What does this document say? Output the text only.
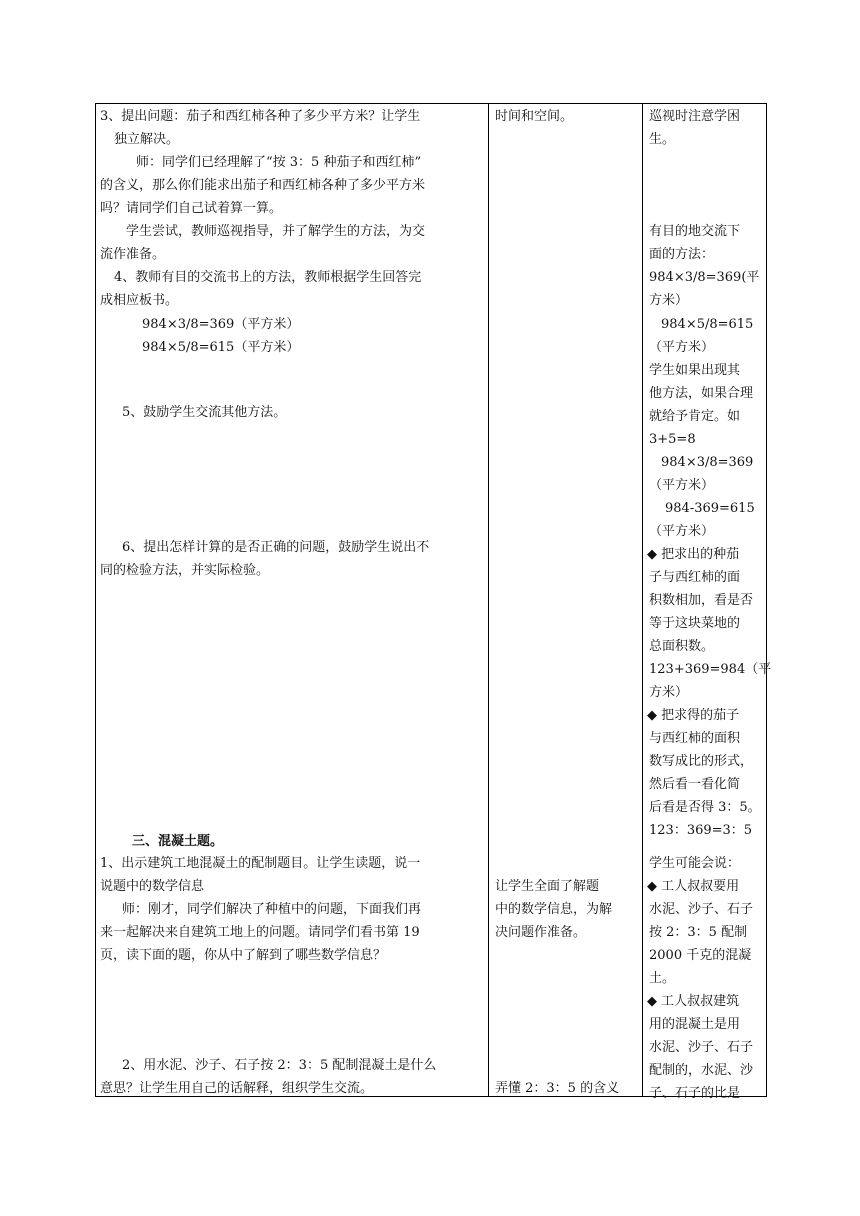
3、提出问题：茄子和西红柿各种了多少平方米？让学生
独立解决。
师：同学们已经理解了“按 3：5 种茄子和西红柿”
的含义，那么你们能求出茄子和西红柿各种了多少平方米
吗？请同学们自己试着算一算。
学生尝试，教师巡视指导，并了解学生的方法，为交
流作准备。
4、教师有目的交流书上的方法，教师根据学生回答完
成相应板书。
984×3/8=369（平方米）
984×5/8=615（平方米）
5、鼓励学生交流其他方法。
6、提出怎样计算的是否正确的问题，鼓励学生说出不
同的检验方法，并实际检验。
三、混凝土题。
1、出示建筑工地混凝土的配制题目。让学生读题，说一
说题中的数学信息
师：刚才，同学们解决了种植中的问题，下面我们再
来一起解决来自建筑工地上的问题。请同学们看书第 19
页，读下面的题，你从中了解到了哪些数学信息？
2、用水泥、沙子、石子按 2：3：5 配制混凝土是什么
意思？让学生用自己的话解释，组织学生交流。
时间和空间。
让学生全面了解题
中的数学信息，为解
决问题作准备。
弄懂 2：3：5 的含义
巡视时注意学困
生。
有目的地交流下
面的方法：
984×3/8=369(平
方米）
984×5/8=615
（平方米）
学生如果出现其
他方法，如果合理
就给予肯定。如
3+5=8
984×3/8=369
（平方米）
984-369=615
（平方米）
◆ 把求出的种茄
子与西红柿的面
积数相加，看是否
等于这块菜地的
总面积数。
123+369=984（平
方米）
◆ 把求得的茄子
与西红柿的面积
数写成比的形式，
然后看一看化简
后看是否得 3：5。
123：369=3：5
学生可能会说：
◆ 工人叔叔要用
水泥、沙子、石子
按 2：3：5 配制
2000 千克的混凝
土。
◆ 工人叔叔建筑
用的混凝土是用
水泥、沙子、石子
配制的，水泥、沙
子、石子的比是
